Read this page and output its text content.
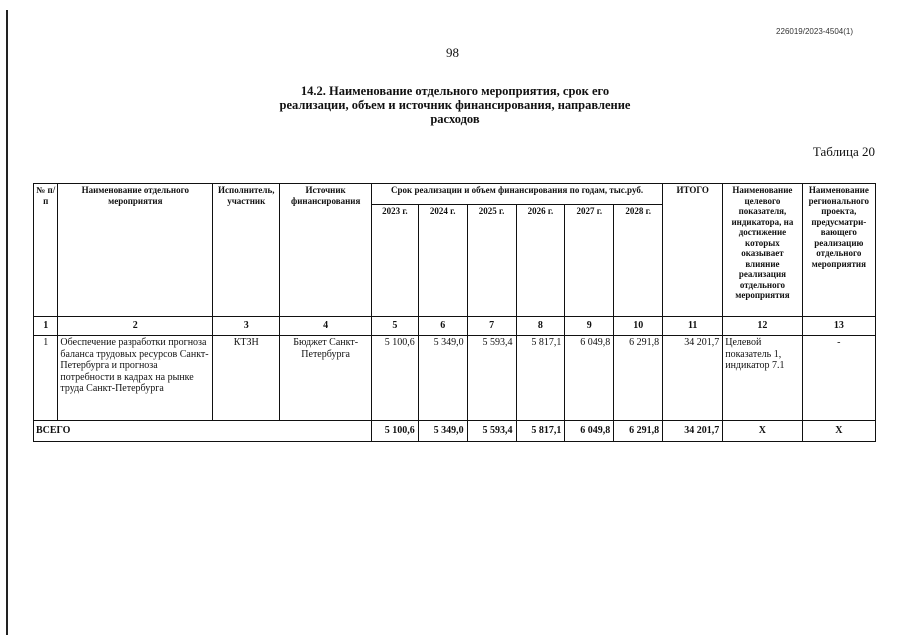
226019/2023-4504(1)
98
14.2. Наименование отдельного мероприятия, срок его
реализации, объем и источник финансирования, направление
расходов
Таблица 20
№ п/п	Наименование отдельного мероприятия	Исполнитель, участник	Источник финансирования	Срок реализации и объем финансирования по годам, тыс.руб.						ИТОГО	Наименование целевого показателя, индикатора, на достижение которых оказывает влияние реализация отдельного мероприятия	Наименование регионального проекта, предусматри-вающего реализацию отдельного мероприятия
				2023 г.	2024 г.	2025 г.	2026 г.	2027 г.	2028 г.			
1	2	3	4	5	6	7	8	9	10	11	12	13
1	Обеспечение разработки прогноза баланса трудовых ресурсов Санкт-Петербурга и прогноза потребности в кадрах на рынке труда Санкт-Петербурга	КТЗН	Бюджет Санкт-Петербурга	5 100,6	5 349,0	5 593,4	5 817,1	6 049,8	6 291,8	34 201,7	Целевой показатель 1, индикатор 7.1	-
ВСЕГО				5 100,6	5 349,0	5 593,4	5 817,1	6 049,8	6 291,8	34 201,7	Х	Х
